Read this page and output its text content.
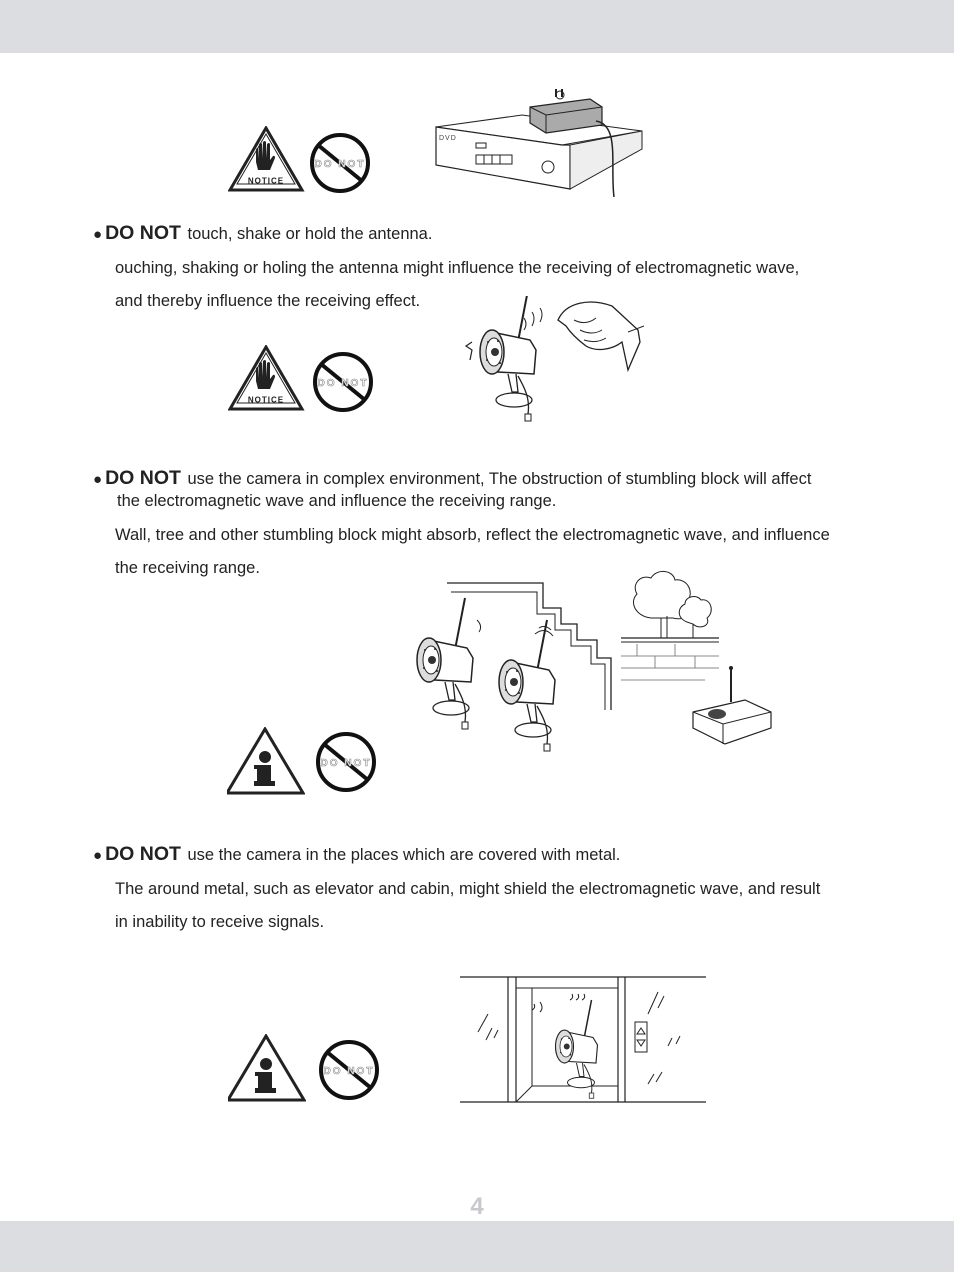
NOTICE
DO NOT
DVD
● DO NOT touch, shake or hold the antenna.
ouching, shaking or holing the antenna might influence the receiving of electromagnetic wave,
and thereby influence the receiving effect.
NOTICE
DO NOT
● DO NOT use the camera in complex environment, The obstruction of stumbling block will affect
the electromagnetic wave and influence the receiving range.
Wall, tree and other stumbling block might absorb, reflect the electromagnetic wave, and influence
the receiving range.
DO NOT
● DO NOT use the camera in the places which are covered with metal.
The around metal, such as elevator and cabin, might shield the electromagnetic wave, and result
in inability to receive signals.
DO NOT
4
